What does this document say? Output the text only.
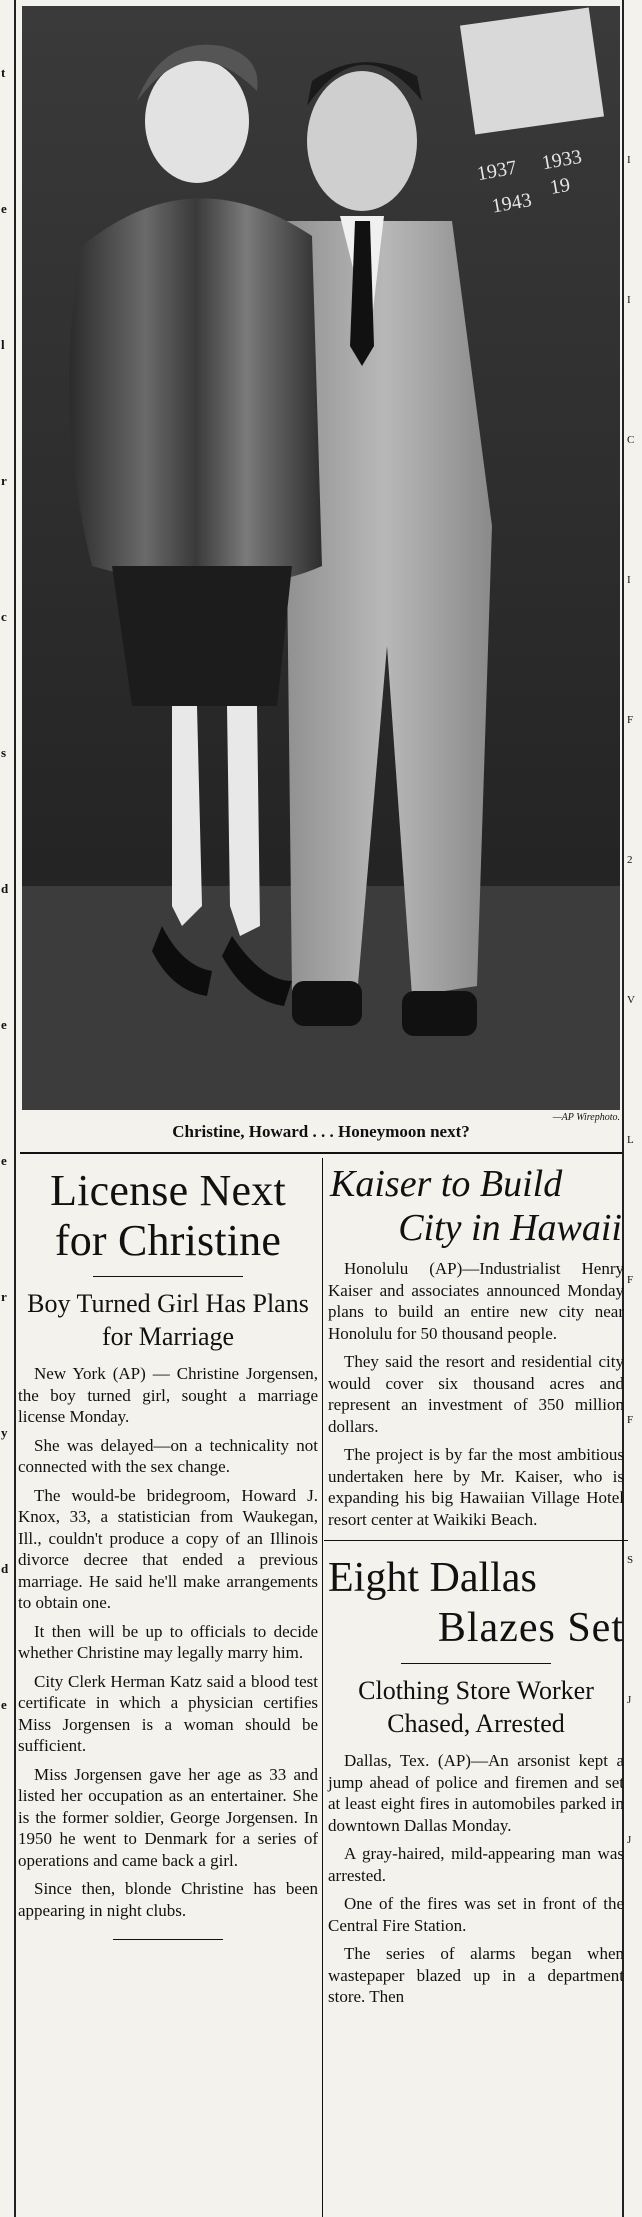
t
e
l
r
c
s
d
e
e
r
y
d
e
I
I
C
I
F
2
V
L
F
F
S
J
J
1937 1933
19
1943
—AP Wirephoto.
Christine, Howard . . . Honeymoon next?
License Next
for Christine
Boy Turned Girl Has Plans for Marriage

New York (AP) — Christine Jorgensen, the boy turned girl, sought a marriage license Monday.

She was delayed—on a technicality not connected with the sex change.

The would-be bridegroom, Howard J. Knox, 33, a statistician from Waukegan, Ill., couldn't produce a copy of an Illinois divorce decree that ended a previous marriage. He said he'll make arrangements to obtain one.

It then will be up to officials to decide whether Christine may legally marry him.

City Clerk Herman Katz said a blood test certificate in which a physician certifies Miss Jorgensen is a woman should be sufficient.

Miss Jorgensen gave her age as 33 and listed her occupation as an entertainer. She is the former soldier, George Jorgensen. In 1950 he went to Denmark for a series of operations and came back a girl.

Since then, blonde Christine has been appearing in night clubs.

Kaiser to Build
City in Hawaii

Honolulu (AP)—Industrialist Henry Kaiser and associates announced Monday plans to build an entire new city near Honolulu for 50 thousand people.

They said the resort and residential city would cover six thousand acres and represent an investment of 350 million dollars.

The project is by far the most ambitious undertaken here by Mr. Kaiser, who is expanding his big Hawaiian Village Hotel resort center at Waikiki Beach.

Eight Dallas
Blazes Set
Clothing Store Worker Chased, Arrested

Dallas, Tex. (AP)—An arsonist kept a jump ahead of police and firemen and set at least eight fires in automobiles parked in downtown Dallas Monday.

A gray-haired, mild-appearing man was arrested.

One of the fires was set in front of the Central Fire Station.

The series of alarms began when wastepaper blazed up in a department store. Then
